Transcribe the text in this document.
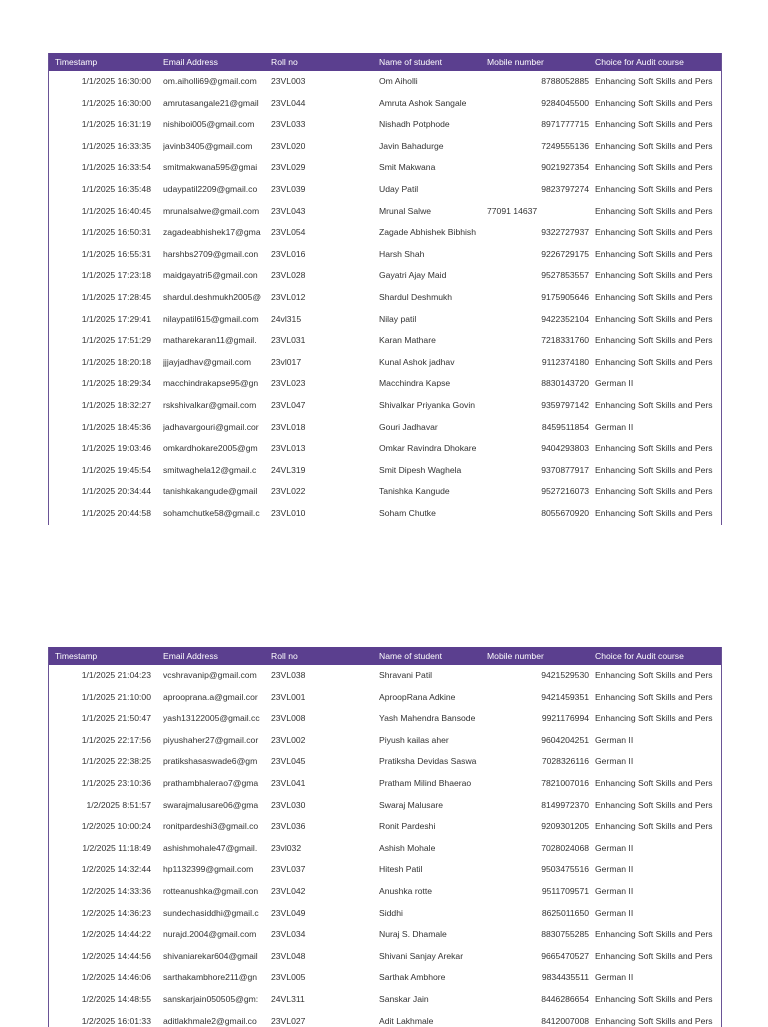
Timestamp	Email Address	Roll no	Name of student	Mobile number	Choice for Audit course
1/1/2025 16:30:00 om.aiholli69@gmail.com	23VL003	Om Aiholli	8788052885 Enhancing Soft Skills and Pers
1/1/2025 16:30:00 amrutasangale21@gmail	23VL044	Amruta Ashok Sangale	9284045500 Enhancing Soft Skills and Pers
1/1/2025 16:31:19 nishiboi005@gmail.com	23VL033	Nishadh Potphode	8971777715 Enhancing Soft Skills and Pers
1/1/2025 16:33:35 javinb3405@gmail.com	23VL020	Javin Bahadurge	7249555136 Enhancing Soft Skills and Pers
1/1/2025 16:33:54 smitmakwana595@gmai	23VL029	Smit Makwana	9021927354 Enhancing Soft Skills and Pers
1/1/2025 16:35:48 udaypatil2209@gmail.co	23VL039	Uday Patil	9823797274 Enhancing Soft Skills and Pers
1/1/2025 16:40:45 mrunalsalwe@gmail.com	23VL043	Mrunal Salwe	77091 14637	Enhancing Soft Skills and Pers
1/1/2025 16:50:31 zagadeabhishek17@gma	23VL054	Zagade Abhishek Bibhish	9322727937 Enhancing Soft Skills and Pers
1/1/2025 16:55:31 harshbs2709@gmail.con	23VL016	Harsh Shah	9226729175 Enhancing Soft Skills and Pers
1/1/2025 17:23:18 maidgayatri5@gmail.con	23VL028	Gayatri Ajay Maid	9527853557 Enhancing Soft Skills and Pers
1/1/2025 17:28:45 shardul.deshmukh2005@	23VL012	Shardul Deshmukh	9175905646 Enhancing Soft Skills and Pers
1/1/2025 17:29:41 nilaypatil615@gmail.com	24vl315	Nilay patil	9422352104 Enhancing Soft Skills and Pers
1/1/2025 17:51:29 matharekaran11@gmail.	23VL031	Karan Mathare	7218331760 Enhancing Soft Skills and Pers
1/1/2025 18:20:18 jjjayjadhav@gmail.com	23vl017	Kunal Ashok jadhav	9112374180 Enhancing Soft Skills and Pers
1/1/2025 18:29:34 macchindrakapse95@gn	23VL023	Macchindra Kapse	8830143720 German II
1/1/2025 18:32:27 rskshivalkar@gmail.com	23VL047	Shivalkar Priyanka Govin	9359797142 Enhancing Soft Skills and Pers
1/1/2025 18:45:36 jadhavargouri@gmail.cor	23VL018	Gouri Jadhavar	8459511854 German II
1/1/2025 19:03:46 omkardhokare2005@gm	23VL013	Omkar Ravindra Dhokare	9404293803 Enhancing Soft Skills and Pers
1/1/2025 19:45:54 smitwaghela12@gmail.c	24VL319	Smit Dipesh Waghela	9370877917 Enhancing Soft Skills and Pers
1/1/2025 20:34:44 tanishkakangude@gmail	23VL022	Tanishka Kangude	9527216073 Enhancing Soft Skills and Pers
1/1/2025 20:44:58 sohamchutke58@gmail.c	23VL010	Soham Chutke	8055670920 Enhancing Soft Skills and Pers
Timestamp	Email Address	Roll no	Name of student	Mobile number	Choice for Audit course
1/1/2025 21:04:23 vcshravanip@gmail.com	23VL038	Shravani Patil	9421529530 Enhancing Soft Skills and Pers
1/1/2025 21:10:00 aprooprana.a@gmail.cor	23VL001	AproopRana Adkine	9421459351 Enhancing Soft Skills and Pers
1/1/2025 21:50:47 yash13122005@gmail.cc	23VL008	Yash Mahendra Bansode	9921176994 Enhancing Soft Skills and Pers
1/1/2025 22:17:56 piyushaher27@gmail.cor	23VL002	Piyush kailas aher	9604204251 German II
1/1/2025 22:38:25 pratikshasaswade6@gm	23VL045	Pratiksha Devidas Saswa	7028326116 German II
1/1/2025 23:10:36 prathambhalerao7@gma	23VL041	Pratham Milind Bhaerao	7821007016 Enhancing Soft Skills and Pers
1/2/2025 8:51:57 swarajmalusare06@gma	23VL030	Swaraj Malusare	8149972370 Enhancing Soft Skills and Pers
1/2/2025 10:00:24 ronitpardeshi3@gmail.co	23VL036	Ronit Pardeshi	9209301205 Enhancing Soft Skills and Pers
1/2/2025 11:18:49 ashishmohale47@gmail.	23vl032	Ashish Mohale	7028024068 German II
1/2/2025 14:32:44 hp1132399@gmail.com	23VL037	Hitesh Patil	9503475516 German II
1/2/2025 14:33:36 rotteanushka@gmail.con	23VL042	Anushka rotte	9511709571 German II
1/2/2025 14:36:23 sundechasiddhi@gmail.c	23VL049	Siddhi	8625011650 German II
1/2/2025 14:44:22 nurajd.2004@gmail.com	23VL034	Nuraj S. Dhamale	8830755285 Enhancing Soft Skills and Pers
1/2/2025 14:44:56 shivaniarekar604@gmail	23VL048	Shivani Sanjay Arekar	9665470527 Enhancing Soft Skills and Pers
1/2/2025 14:46:06 sarthakambhore211@gn	23VL005	Sarthak Ambhore	9834435511 German II
1/2/2025 14:48:55 sanskarjain050505@gm:	24VL311	Sanskar Jain	8446286654 Enhancing Soft Skills and Pers
1/2/2025 16:01:33 aditlakhmale2@gmail.co	23VL027	Adit Lakhmale	8412007008 Enhancing Soft Skills and Pers
